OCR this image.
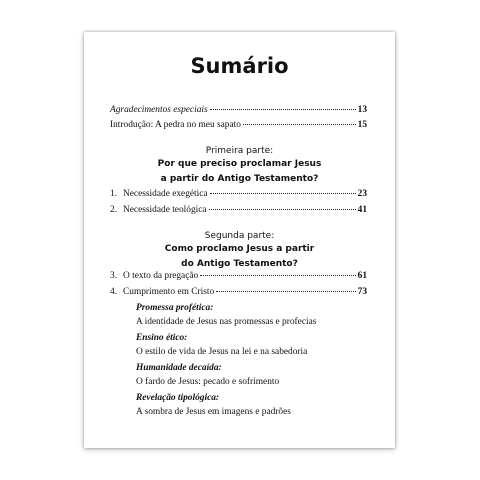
Sumário
Agradecimentos especiais	13
Introdução: A pedra no meu sapato	15
Primeira parte:
Por que preciso proclamar Jesus
a partir do Antigo Testamento?
1. Necessidade exegética	23
2. Necessidade teológica	41
Segunda parte:
Como proclamo Jesus a partir
do Antigo Testamento?
3. O texto da pregação	61
4. Cumprimento em Cristo	73
Promessa profética:
A identidade de Jesus nas promessas e profecias
Ensino ético:
O estilo de vida de Jesus na lei e na sabedoria
Humanidade decaída:
O fardo de Jesus: pecado e sofrimento
Revelação tipológica:
A sombra de Jesus em imagens e padrões
